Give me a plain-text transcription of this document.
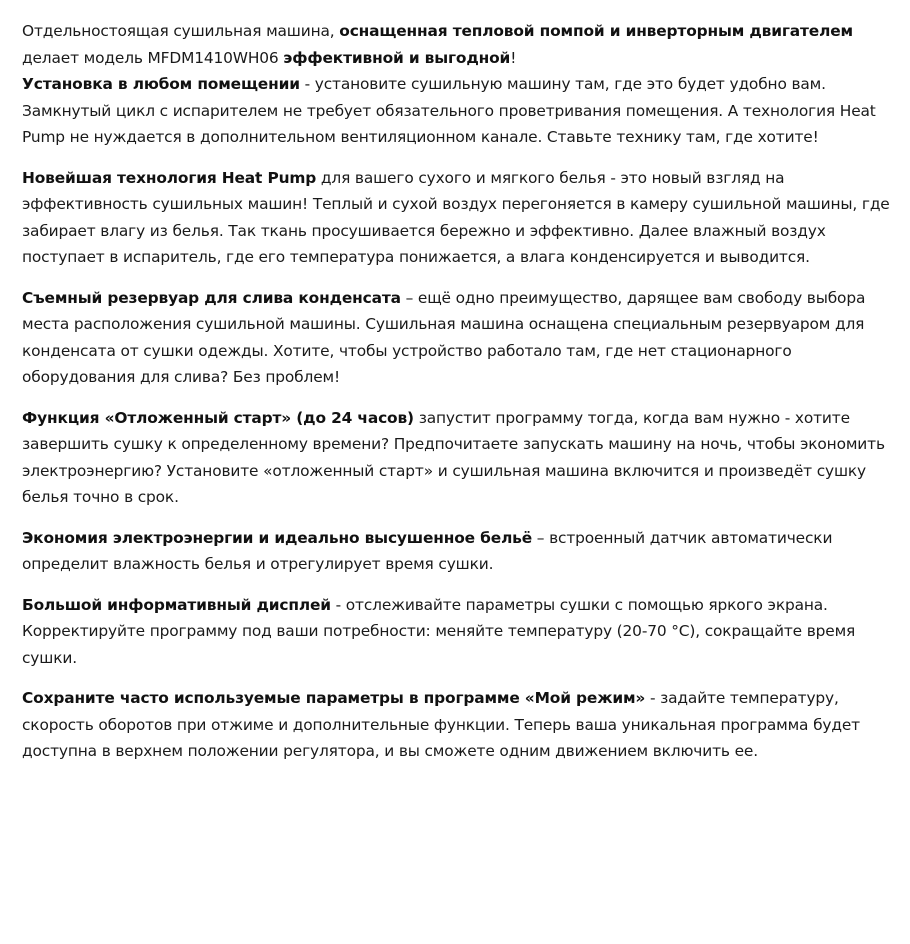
Отдельностоящая сушильная машина, оснащенная тепловой помпой и инверторным двигателем делает модель MFDM1410WH06 эффективной и выгодной!

Установка в любом помещении - установите сушильную машину там, где это будет удобно вам. Замкнутый цикл с испарителем не требует обязательного проветривания помещения. А технология Heat Pump не нуждается в дополнительном вентиляционном канале. Ставьте технику там, где хотите!

Новейшая технология Heat Pump для вашего сухого и мягкого белья - это новый взгляд на эффективность сушильных машин! Теплый и сухой воздух перегоняется в камеру сушильной машины, где забирает влагу из белья. Так ткань просушивается бережно и эффективно. Далее влажный воздух поступает в испаритель, где его температура понижается, а влага конденсируется и выводится.

Съемный резервуар для слива конденсата – ещё одно преимущество, дарящее вам свободу выбора места расположения сушильной машины. Сушильная машина оснащена специальным резервуаром для конденсата от сушки одежды. Хотите, чтобы устройство работало там, где нет стационарного оборудования для слива? Без проблем!

Функция «Отложенный старт» (до 24 часов) запустит программу тогда, когда вам нужно - хотите завершить сушку к определенному времени? Предпочитаете запускать машину на ночь, чтобы экономить электроэнергию? Установите «отложенный старт» и сушильная машина включится и произведёт сушку белья точно в срок.

Экономия электроэнергии и идеально высушенное бельё – встроенный датчик автоматически определит влажность белья и отрегулирует время сушки.

Большой информативный дисплей - отслеживайте параметры сушки с помощью яркого экрана. Корректируйте программу под ваши потребности: меняйте температуру (20-70 °C), сокращайте время сушки.

Сохраните часто используемые параметры в программе «Мой режим» - задайте температуру, скорость оборотов при отжиме и дополнительные функции. Теперь ваша уникальная программа будет доступна в верхнем положении регулятора, и вы сможете одним движением включить ее.
